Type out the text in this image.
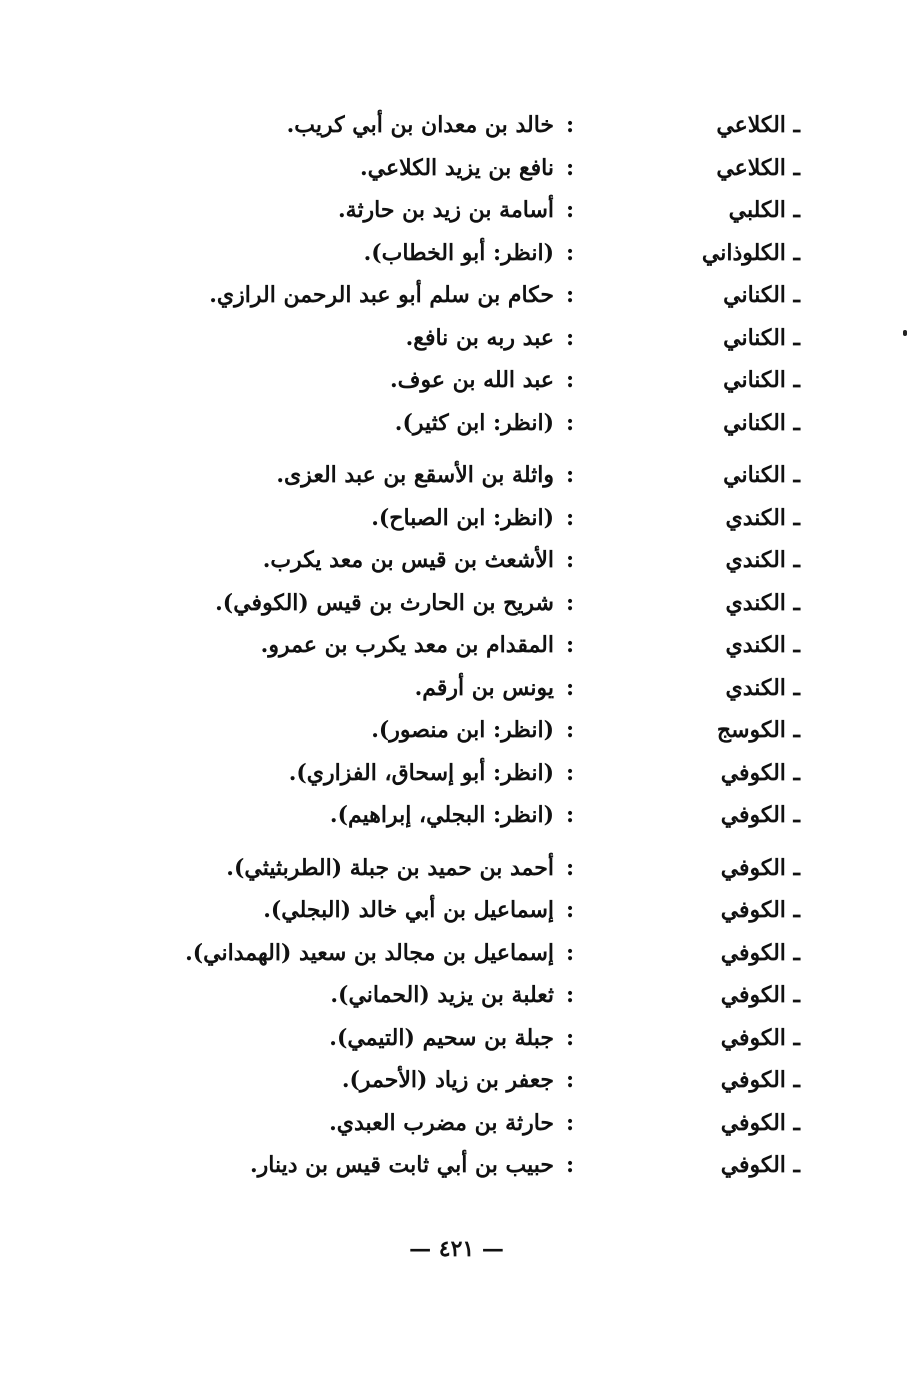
ـ الكلاعي
:
خالد بن معدان بن أبي كريب.
ـ الكلاعي
:
نافع بن يزيد الكلاعي.
ـ الكلبي
:
أسامة بن زيد بن حارثة.
ـ الكلوذاني
:
(انظر: أبو الخطاب).
ـ الكناني
:
حكام بن سلم أبو عبد الرحمن الرازي.
ـ الكناني
:
عبد ربه بن نافع.
ـ الكناني
:
عبد الله بن عوف.
ـ الكناني
:
(انظر: ابن كثير).
ـ الكناني
:
واثلة بن الأسقع بن عبد العزى.
ـ الكندي
:
(انظر: ابن الصباح).
ـ الكندي
:
الأشعث بن قيس بن معد يكرب.
ـ الكندي
:
شريح بن الحارث بن قيس (الكوفي).
ـ الكندي
:
المقدام بن معد يكرب بن عمرو.
ـ الكندي
:
يونس بن أرقم.
ـ الكوسج
:
(انظر: ابن منصور).
ـ الكوفي
:
(انظر: أبو إسحاق، الفزاري).
ـ الكوفي
:
(انظر: البجلي، إبراهيم).
ـ الكوفي
:
أحمد بن حميد بن جبلة (الطربثيثي).
ـ الكوفي
:
إسماعيل بن أبي خالد (البجلي).
ـ الكوفي
:
إسماعيل بن مجالد بن سعيد (الهمداني).
ـ الكوفي
:
ثعلبة بن يزيد (الحماني).
ـ الكوفي
:
جبلة بن سحيم (التيمي).
ـ الكوفي
:
جعفر بن زياد (الأحمر).
ـ الكوفي
:
حارثة بن مضرب العبدي.
ـ الكوفي
:
حبيب بن أبي ثابت قيس بن دينار.
— ٤٢١ —
